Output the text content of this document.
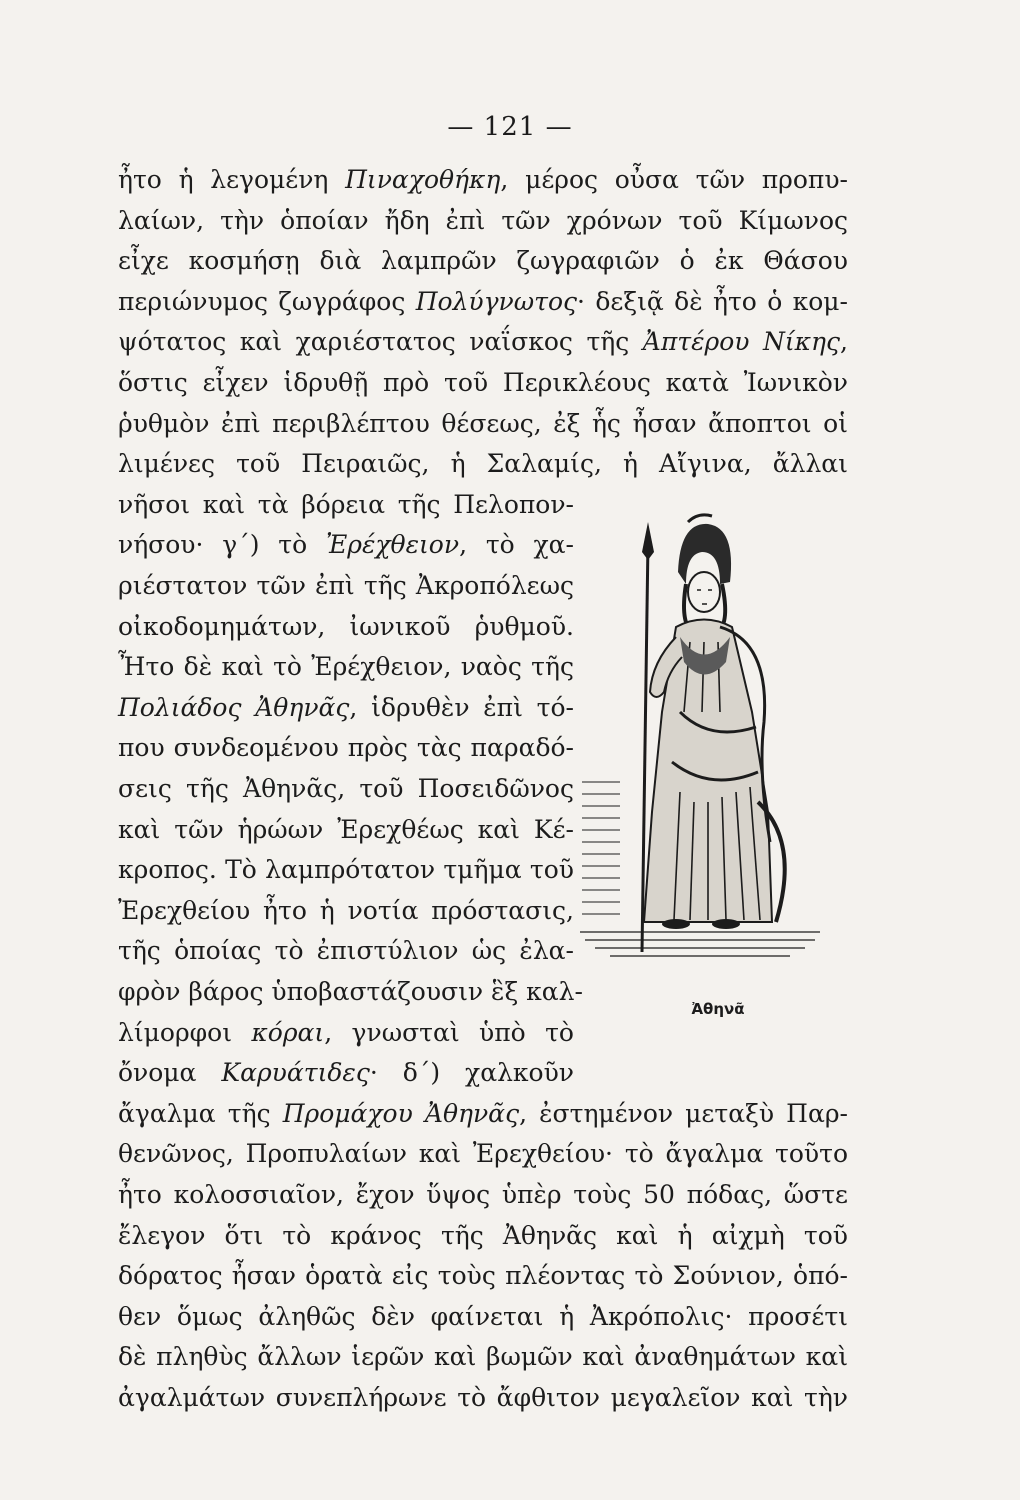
— 121 —
ἦτο ἡ λεγομένη Πιναχοθήκη, μέρος οὖσα τῶν προπυ-
λαίων, τὴν ὁποίαν ἤδη ἐπὶ τῶν χρόνων τοῦ Κίμωνος
εἶχε κοσμήσῃ διὰ λαμπρῶν ζωγραφιῶν ὁ ἐκ Θάσου
περιώνυμος ζωγράφος Πολύγνωτος· δεξιᾷ δὲ ἦτο ὁ κομ-
ψότατος καὶ χαριέστατος ναΐσκος τῆς Ἀπτέρου Νίκης,
ὅστις εἶχεν ἱδρυθῇ πρὸ τοῦ Περικλέους κατὰ Ἰωνικὸν
ῥυθμὸν ἐπὶ περιβλέπτου θέσεως, ἐξ ἧς ἦσαν ἄποπτοι οἱ
λιμένες τοῦ Πειραιῶς, ἡ Σαλαμίς, ἡ Αἴγινα, ἄλλαι
νῆσοι καὶ τὰ βόρεια τῆς Πελοπον-
νήσου· γ΄) τὸ Ἐρέχθειον, τὸ χα-
ριέστατον τῶν ἐπὶ τῆς Ἀκροπόλεως
οἰκοδομημάτων, ἰωνικοῦ ῥυθμοῦ.
Ἦτο δὲ καὶ τὸ Ἐρέχθειον, ναὸς τῆς
Πολιάδος Ἀθηνᾶς, ἱδρυθὲν ἐπὶ τό-
που συνδεομένου πρὸς τὰς παραδό-
σεις τῆς Ἀθηνᾶς, τοῦ Ποσειδῶνος
καὶ τῶν ἡρώων Ἐρεχθέως καὶ Κέ-
κροπος. Τὸ λαμπρότατον τμῆμα τοῦ
Ἐρεχθείου ἦτο ἡ νοτία πρόστασις,
τῆς ὁποίας τὸ ἐπιστύλιον ὡς ἐλα-
φρὸν βάρος ὑποβαστάζουσιν ἓξ καλ-
λίμορφοι κόραι, γνωσταὶ ὑπὸ τὸ
ὄνομα Καρυάτιδες· δ΄) χαλκοῦν
ἄγαλμα τῆς Προμάχου Ἀθηνᾶς, ἐστημένον μεταξὺ Παρ-
θενῶνος, Προπυλαίων καὶ Ἐρεχθείου· τὸ ἄγαλμα τοῦτο
ἦτο κολοσσιαῖον, ἔχον ὕψος ὑπὲρ τοὺς 50 πόδας, ὥστε
ἔλεγον ὅτι τὸ κράνος τῆς Ἀθηνᾶς καὶ ἡ αἰχμὴ τοῦ
δόρατος ἦσαν ὁρατὰ εἰς τοὺς πλέοντας τὸ Σούνιον, ὁπό-
θεν ὅμως ἀληθῶς δὲν φαίνεται ἡ Ἀκρόπολις· προσέτι
δὲ πληθὺς ἄλλων ἱερῶν καὶ βωμῶν καὶ ἀναθημάτων καὶ
ἀγαλμάτων συνεπλήρωνε τὸ ἄφθιτον μεγαλεῖον καὶ τὴν
Ἀθηνᾶ
